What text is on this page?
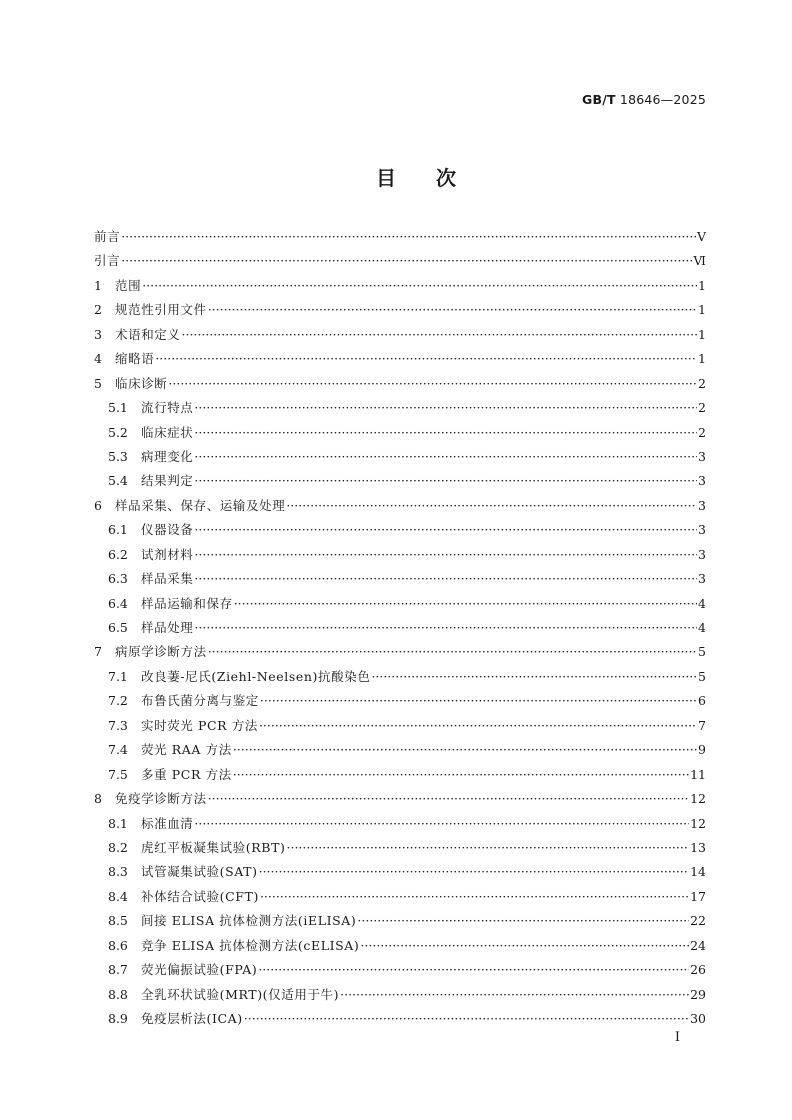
GB/T 18646—2025
目次
前言 ·····	Ⅴ
引言 ·····	Ⅵ
1	范围 ·····	1
2	规范性引用文件 ·····	1
3	术语和定义 ·····	1
4	缩略语 ·····	1
5	临床诊断 ·····	2
5.1	流行特点 ·····	2
5.2	临床症状 ·····	2
5.3	病理变化 ·····	3
5.4	结果判定 ·····	3
6	样品采集、保存、运输及处理 ·····	3
6.1	仪器设备 ·····	3
6.2	试剂材料 ·····	3
6.3	样品采集 ·····	3
6.4	样品运输和保存 ·····	4
6.5	样品处理 ·····	4
7	病原学诊断方法 ·····	5
7.1	改良萋-尼氏(Ziehl-Neelsen)抗酸染色 ·····	5
7.2	布鲁氏菌分离与鉴定 ·····	6
7.3	实时荧光 PCR 方法 ·····	7
7.4	荧光 RAA 方法 ·····	9
7.5	多重 PCR 方法 ·····	11
8	免疫学诊断方法 ·····	12
8.1	标准血清 ·····	12
8.2	虎红平板凝集试验(RBT) ·····	13
8.3	试管凝集试验(SAT) ·····	14
8.4	补体结合试验(CFT) ·····	17
8.5	间接 ELISA 抗体检测方法(iELISA) ·····	22
8.6	竞争 ELISA 抗体检测方法(cELISA) ·····	24
8.7	荧光偏振试验(FPA) ·····	26
8.8	全乳环状试验(MRT)(仅适用于牛) ·····	29
8.9	免疫层析法(ICA) ·····	30
Ⅰ
